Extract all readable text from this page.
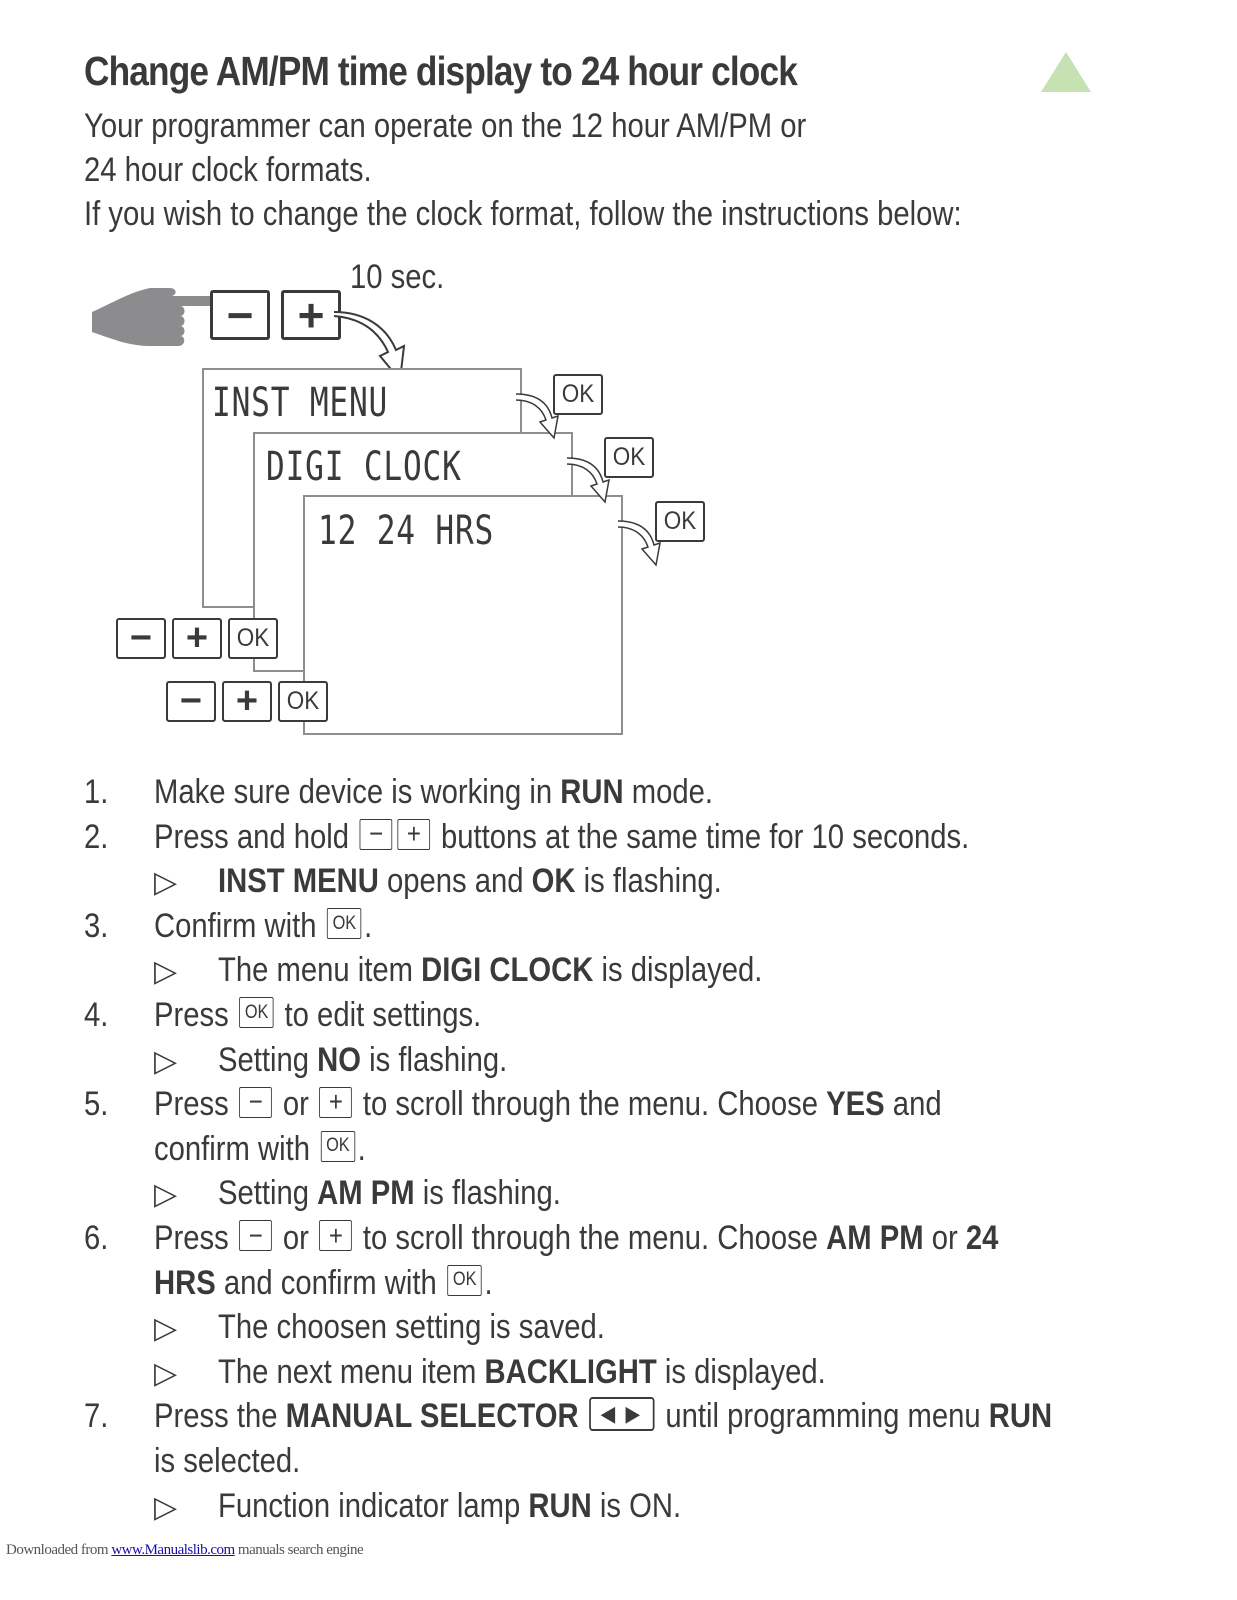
Change AM/PM time display to 24 hour clock
Your programmer can operate on the 12 hour AM/PM or
24 hour clock formats.
If you wish to change the clock format, follow the instructions below:
10 sec.
− +
INST MENU
DIGI CLOCK
12 24 HRS
OK
OK
OK
− +	OK
− +	OK
1. Make sure device is working in RUN mode.
2. Press and hold − + buttons at the same time for 10 seconds.
▷ INST MENU opens and OK is flashing.
3. Confirm with OK .
▷ The menu item DIGI CLOCK is displayed.
4. Press OK to edit settings.
▷ Setting NO is flashing.
5. Press − or + to scroll through the menu. Choose YES and
confirm with OK .
▷ Setting AM PM is flashing.
6. Press − or + to scroll through the menu. Choose AM PM or 24
HRS and confirm with OK .
▷ The choosen setting is saved.
▷ The next menu item BACKLIGHT is displayed.
7. Press the MANUAL SELECTOR ◀▶ until programming menu RUN
is selected.
▷ Function indicator lamp RUN is ON.
Downloaded from www.Manualslib.com manuals search engine
